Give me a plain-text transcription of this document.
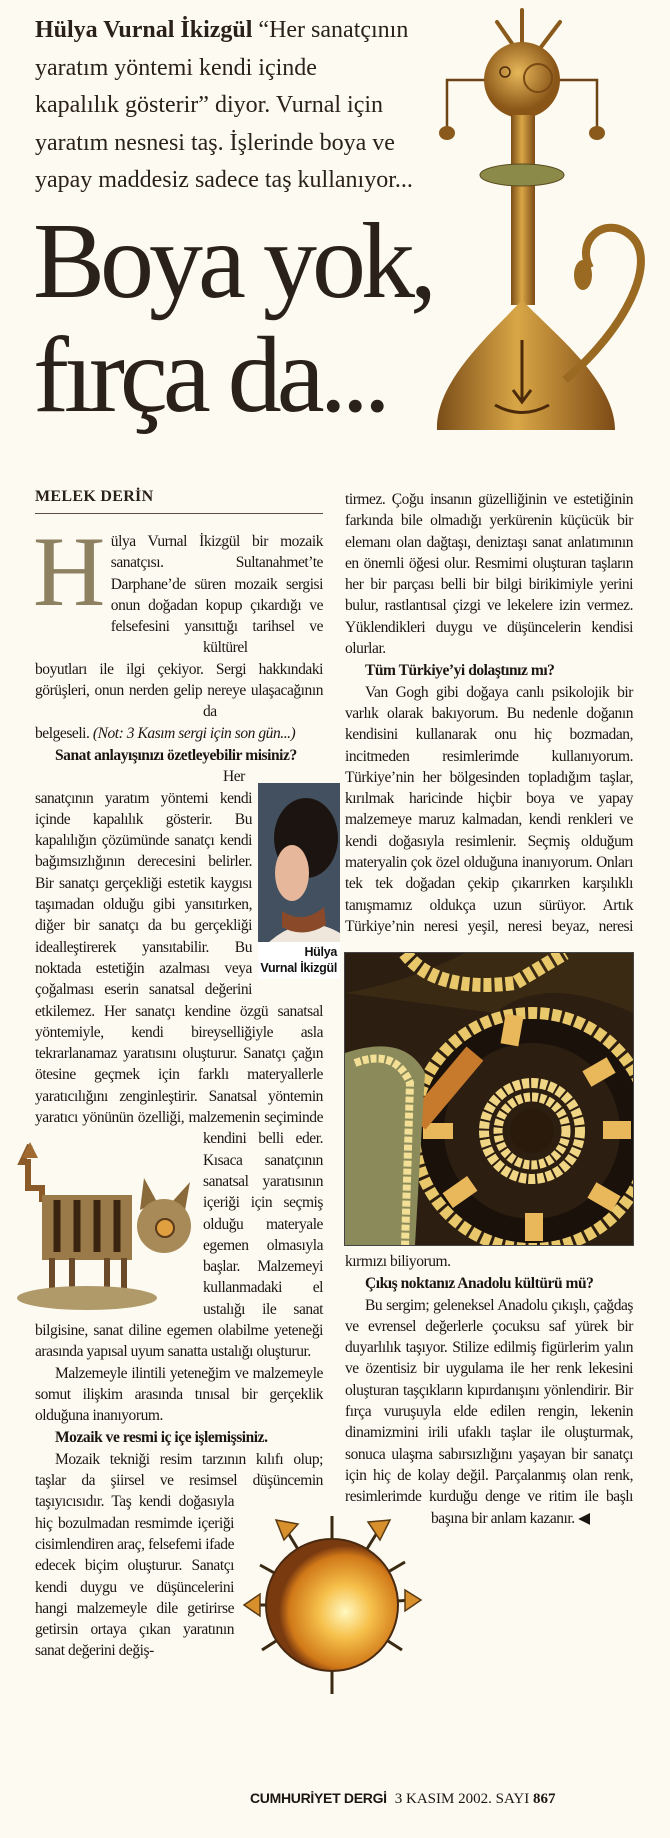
Hülya Vurnal İkizgül “Her sanatçının
yaratım yöntemi kendi içinde
kapalılık gösterir” diyor. Vurnal için
yaratım nesnesi taş. İşlerinde boya ve
yapay maddesiz sadece taş kullanıyor...
Boya yok,
fırça da...
MELEK DERİN
H
Hülya
Vurnal İkizgül

ülya Vurnal İkizgül bir mozaik sanatçısı. Sultanahmet’te Darphane’de süren mozaik sergisi onun doğadan kopup çıkardığı ve felsefesini yansıttığı tarihsel ve kültürel boyutları ile ilgi çekiyor. Sergi hakkındaki görüşleri, onun nerden gelip nereye ulaşacağının da belgeseli. (Not: 3 Kasım sergi için son gün...)

Sanat anlayışınızı özetleyebilir misiniz?

Her sanatçının yaratım yöntemi kendi içinde kapalılık gösterir. Bu kapalılığın çözümünde sanatçı kendi bağımsızlığının derecesini belirler. Bir sanatçı gerçekliği estetik kaygısı taşımadan olduğu gibi yansıtırken, diğer bir sanatçı da bu gerçekliği idealleştirerek yansıtabilir. Bu noktada estetiğin azalması veya çoğalması eserin sanatsal değerini etkilemez. Her sanatçı kendine özgü sanatsal yöntemiyle, kendi bireyselliğiyle asla tekrarlanamaz yaratısını oluşturur. Sanatçı çağın ötesine geçmek için farklı materyallerle yaratıcılığını zenginleştirir. Sanatsal yöntemin yaratıcı yönünün özelliği, malzemenin seçiminde kendini belli eder. Kısaca sanatçının sanatsal yaratısının içeriği için seçmiş olduğu materyale egemen olmasıyla başlar. Malzemeyi kullanmadaki el ustalığı ile sanat bilgisine, sanat diline egemen olabilme yeteneği arasında yapısal uyum sanatta ustalığı oluşturur.

Malzemeyle ilintili yeteneğim ve malzemeyle somut ilişkim arasında tınısal bir gerçeklik olduğuna inanıyorum.

Mozaik ve resmi iç içe işlemişsiniz.

Mozaik tekniği resim tarzının kılıfı olup; taşlar da şiirsel ve resimsel düşüncemin taşıyıcısıdır. Taş kendi doğasıyla hiç bozulmadan resmimde içeriği cisimlendiren araç, felsefemi ifade edecek biçim oluşturur. Sanatçı kendi duygu ve düşüncelerini hangi malzemeyle dile getirirse getirsin ortaya çıkan yaratının sanat değerini değiş-

tirmez. Çoğu insanın güzelliğinin ve estetiğinin farkında bile olmadığı yerkürenin küçücük bir elemanı olan dağtaşı, deniztaşı sanat anlatımının en önemli öğesi olur. Resmimi oluşturan taşların her bir parçası belli bir bilgi birikimiyle yerini bulur, rastlantısal çizgi ve lekelere izin vermez. Yüklendikleri duygu ve düşüncelerin kendisi olurlar.

Tüm Türkiye’yi dolaştınız mı?

Van Gogh gibi doğaya canlı psikolojik bir varlık olarak bakıyorum. Bu nedenle doğanın kendisini kullanarak onu hiç bozmadan, incitmeden resimlerimde kullanıyorum. Türkiye’nin her bölgesinden topladığım taşlar, kırılmak haricinde hiçbir boya ve yapay malzemeye maruz kalmadan, kendi renkleri ve kendi doğasıyla resimlenir. Seçmiş olduğum materyalin çok özel olduğuna inanıyorum. Onları tek tek doğadan çekip çıkarırken karşılıklı tanışmamız oldukça uzun sürüyor. Artık Türkiye’nin neresi yeşil, neresi beyaz, neresi kırmızı biliyorum.

Çıkış noktanız Anadolu kültürü mü?

Bu sergim; geleneksel Anadolu çıkışlı, çağdaş ve evrensel değerlerle çocuksu saf yürek bir duyarlılık taşıyor. Stilize edilmiş figürlerim yalın ve özentisiz bir uygulama ile her renk lekesini oluşturan taşçıkların kıpırdanışını yönlendirir. Bir fırça vuruşuyla elde edilen rengin, lekenin dinamizmini irili ufaklı taşlar ile oluşturmak, sonuca ulaşma sabırsızlığını yaşayan bir sanatçı için hiç de kolay değil. Parçalanmış olan renk, resimlerimde kurduğu denge ve ritim ile başlı başına bir anlam kazanır. ◀

CUMHURİYET DERGİ 3 KASIM 2002. SAYI 867
